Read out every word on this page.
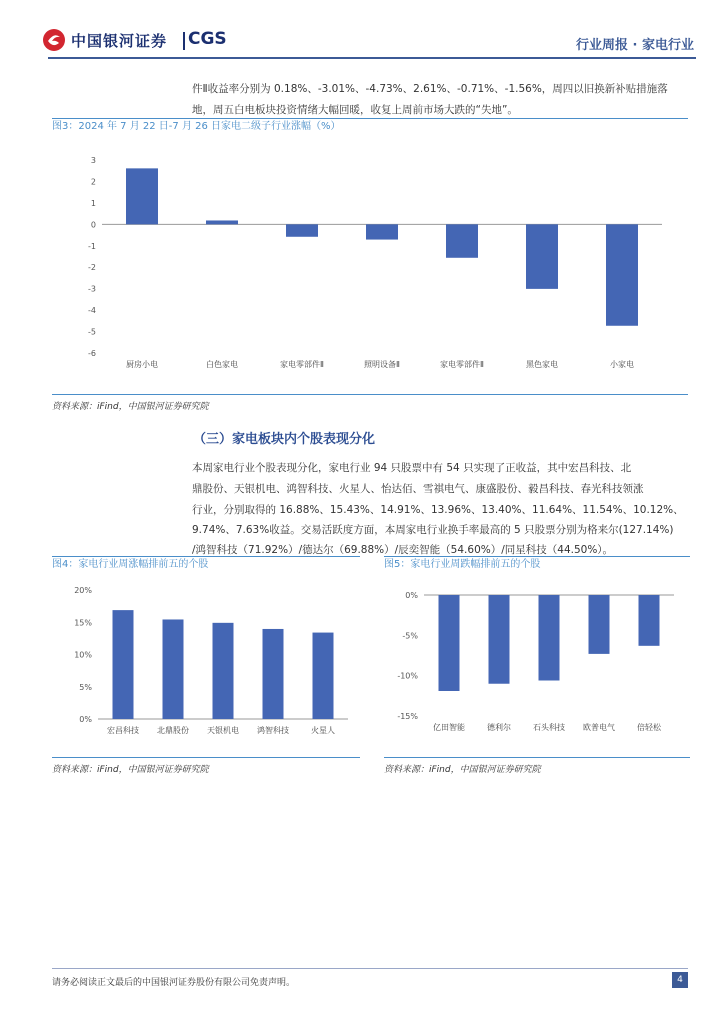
中国银河证券 CGS	行业周报 · 家电行业
件Ⅱ收益率分别为 0.18%、-3.01%、-4.73%、2.61%、-0.71%、-1.56%，周四以旧换新补贴措施落
地，周五白电板块投资情绪大幅回暖，收复上周前市场大跌的“失地”。
图3：2024 年 7 月 22 日-7 月 26 日家电二级子行业涨幅（%）
3
2
1
0
-1
-2
-3
-4
-5
-6
厨房小电	白色家电	家电零部件Ⅱ	照明设备Ⅱ	家电零部件Ⅱ	黑色家电	小家电
资料来源：iFind，中国银河证券研究院
（三）家电板块内个股表现分化
本周家电行业个股表现分化，家电行业 94 只股票中有 54 只实现了正收益，其中宏昌科技、北
鼎股份、天银机电、鸿智科技、火星人、怡达佰、雪祺电气、康盛股份、毅昌科技、春光科技领涨
行业，分别取得的 16.88%、15.43%、14.91%、13.96%、13.40%、11.64%、11.54%、10.12%、
9.74%、7.63%收益。交易活跃度方面，本周家电行业换手率最高的 5 只股票分别为格来尔(127.14%)
/鸿智科技（71.92%）/德达尔（69.88%）/辰奕智能（54.60%）/同星科技（44.50%）。
图4：家电行业周涨幅排前五的个股
20%
15%
10%
5%
0%
宏昌科技 北鼎股份 天银机电 鸿智科技	火星人
资料来源：iFind，中国银河证券研究院
图5：家电行业周跌幅排前五的个股
0%
-5%
-10%
-15%
亿田智能	德利尔	石头科技 欧普电气	倍轻松
资料来源：iFind，中国银河证券研究院
请务必阅读正文最后的中国银河证券股份有限公司免责声明。	4
